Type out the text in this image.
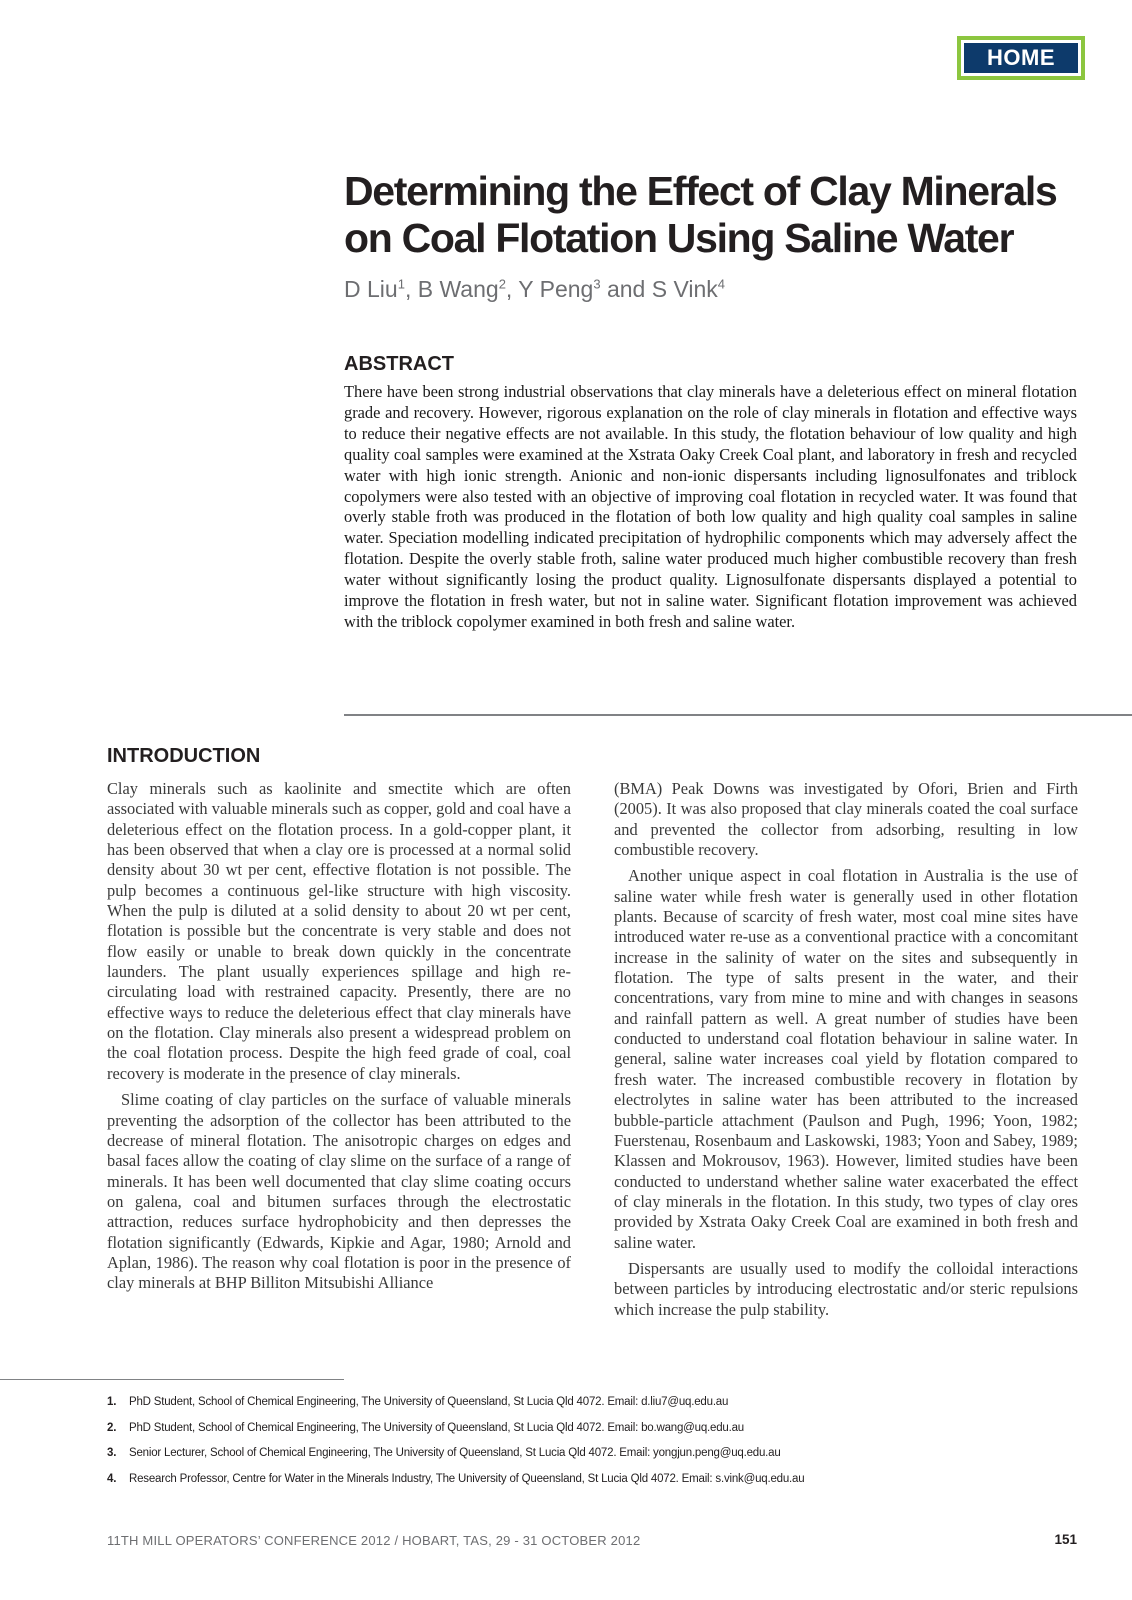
HOME
Determining the Effect of Clay Minerals on Coal Flotation Using Saline Water

D Liu$^1$, B Wang$^2$, Y Peng$^3$ and S Vink$^4$

ABSTRACT

There have been strong industrial observations that clay minerals have a deleterious effect on mineral flotation grade and recovery. However, rigorous explanation on the role of clay minerals in flotation and effective ways to reduce their negative effects are not available. In this study, the flotation behaviour of low quality and high quality coal samples were examined at the Xstrata Oaky Creek Coal plant, and laboratory in fresh and recycled water with high ionic strength. Anionic and non-ionic dispersants including lignosulfonates and triblock copolymers were also tested with an objective of improving coal flotation in recycled water. It was found that overly stable froth was produced in the flotation of both low quality and high quality coal samples in saline water. Speciation modelling indicated precipitation of hydrophilic components which may adversely affect the flotation. Despite the overly stable froth, saline water produced much higher combustible recovery than fresh water without significantly losing the product quality. Lignosulfonate dispersants displayed a potential to improve the flotation in fresh water, but not in saline water. Significant flotation improvement was achieved with the triblock copolymer examined in both fresh and saline water.

INTRODUCTION

Clay minerals such as kaolinite and smectite which are often associated with valuable minerals such as copper, gold and coal have a deleterious effect on the flotation process. In a gold-copper plant, it has been observed that when a clay ore is processed at a normal solid density about 30 wt per cent, effective flotation is not possible. The pulp becomes a continuous gel-like structure with high viscosity. When the pulp is diluted at a solid density to about 20 wt per cent, flotation is possible but the concentrate is very stable and does not flow easily or unable to break down quickly in the concentrate launders. The plant usually experiences spillage and high re-circulating load with restrained capacity. Presently, there are no effective ways to reduce the deleterious effect that clay minerals have on the flotation. Clay minerals also present a widespread problem on the coal flotation process. Despite the high feed grade of coal, coal recovery is moderate in the presence of clay minerals.

Slime coating of clay particles on the surface of valuable minerals preventing the adsorption of the collector has been attributed to the decrease of mineral flotation. The anisotropic charges on edges and basal faces allow the coating of clay slime on the surface of a range of minerals. It has been well documented that clay slime coating occurs on galena, coal and bitumen surfaces through the electrostatic attraction, reduces surface hydrophobicity and then depresses the flotation significantly (Edwards, Kipkie and Agar, 1980; Arnold and Aplan, 1986). The reason why coal flotation is poor in the presence of clay minerals at BHP Billiton Mitsubishi Alliance

(BMA) Peak Downs was investigated by Ofori, Brien and Firth (2005). It was also proposed that clay minerals coated the coal surface and prevented the collector from adsorbing, resulting in low combustible recovery.

Another unique aspect in coal flotation in Australia is the use of saline water while fresh water is generally used in other flotation plants. Because of scarcity of fresh water, most coal mine sites have introduced water re-use as a conventional practice with a concomitant increase in the salinity of water on the sites and subsequently in flotation. The type of salts present in the water, and their concentrations, vary from mine to mine and with changes in seasons and rainfall pattern as well. A great number of studies have been conducted to understand coal flotation behaviour in saline water. In general, saline water increases coal yield by flotation compared to fresh water. The increased combustible recovery in flotation by electrolytes in saline water has been attributed to the increased bubble-particle attachment (Paulson and Pugh, 1996; Yoon, 1982; Fuerstenau, Rosenbaum and Laskowski, 1983; Yoon and Sabey, 1989; Klassen and Mokrousov, 1963). However, limited studies have been conducted to understand whether saline water exacerbated the effect of clay minerals in the flotation. In this study, two types of clay ores provided by Xstrata Oaky Creek Coal are examined in both fresh and saline water.

Dispersants are usually used to modify the colloidal interactions between particles by introducing electrostatic and/or steric repulsions which increase the pulp stability.

1.	PhD Student, School of Chemical Engineering, The University of Queensland, St Lucia Qld 4072. Email: d.liu7@uq.edu.au
2.	PhD Student, School of Chemical Engineering, The University of Queensland, St Lucia Qld 4072. Email: bo.wang@uq.edu.au
3.	Senior Lecturer, School of Chemical Engineering, The University of Queensland, St Lucia Qld 4072. Email: yongjun.peng@uq.edu.au
4.	Research Professor, Centre for Water in the Minerals Industry, The University of Queensland, St Lucia Qld 4072. Email: s.vink@uq.edu.au

11TH MILL OPERATORS’ CONFERENCE 2012 / HOBART, TAS, 29 - 31 OCTOBER 2012	151
